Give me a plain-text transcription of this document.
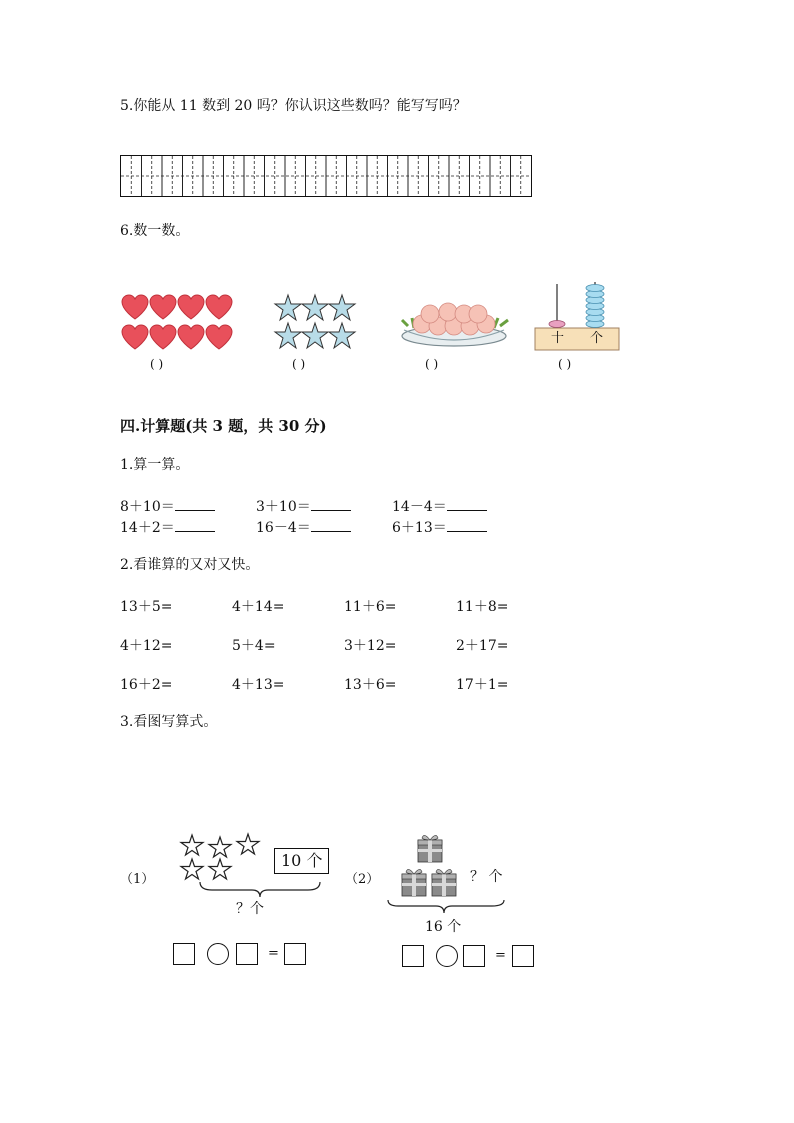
5.你能从 11 数到 20 吗？你认识这些数吗？能写写吗？
6.数一数。
( )	( )	( )
十 个
( )
四.计算题(共 3 题，共 30 分)
1.算一算。
8＋10＝	3＋10＝	14－4＝
14＋2＝	16－4＝	6＋13＝
2.看谁算的又对又快。
13＋5=	4＋14=	11＋6=	11＋8=
4＋12=	5＋4=	3＋12=	2＋17=
16＋2=	4＋13=	13＋6=	17＋1=
3.看图写算式。
（1）
10 个
？个
=
（2）	？ 个
16 个
=
